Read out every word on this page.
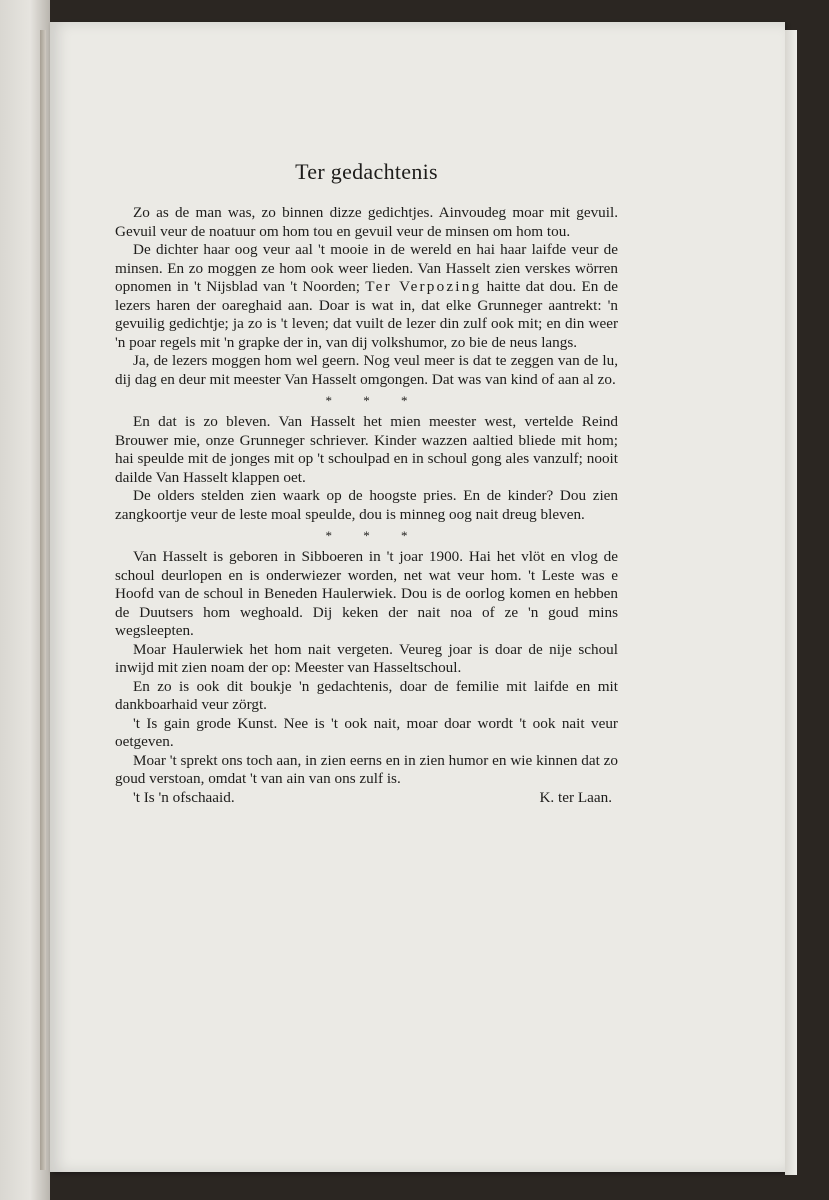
Ter gedachtenis

Zo as de man was, zo binnen dizze gedichtjes. Ainvoudeg moar mit gevuil. Gevuil veur de noatuur om hom tou en gevuil veur de minsen om hom tou.

De dichter haar oog veur aal 't mooie in de wereld en hai haar laifde veur de minsen. En zo moggen ze hom ook weer lieden. Van Hasselt zien verskes wörren opnomen in 't Nijsblad van 't Noorden; Ter Verpozing haitte dat dou. En de lezers haren der oareghaid aan. Doar is wat in, dat elke Grunneger aantrekt: 'n gevuilig gedichtje; ja zo is 't leven; dat vuilt de lezer din zulf ook mit; en din weer 'n poar regels mit 'n grapke der in, van dij volkshumor, zo bie de neus langs.

Ja, de lezers moggen hom wel geern. Nog veul meer is dat te zeggen van de lu, dij dag en deur mit meester Van Hasselt omgongen. Dat was van kind of aan al zo.

* * *

En dat is zo bleven. Van Hasselt het mien meester west, vertelde Reind Brouwer mie, onze Grunneger schriever. Kinder wazzen aaltied bliede mit hom; hai speulde mit de jonges mit op 't schoulpad en in schoul gong ales vanzulf; nooit dailde Van Hasselt klappen oet.

De olders stelden zien waark op de hoogste pries. En de kinder? Dou zien zangkoortje veur de leste moal speulde, dou is minneg oog nait dreug bleven.

* * *

Van Hasselt is geboren in Sibboeren in 't joar 1900. Hai het vlöt en vlog de schoul deurlopen en is onderwiezer worden, net wat veur hom. 't Leste was e Hoofd van de schoul in Beneden Haulerwiek. Dou is de oorlog komen en hebben de Duutsers hom weghoald. Dij keken der nait noa of ze 'n goud mins wegsleepten.

Moar Haulerwiek het hom nait vergeten. Veureg joar is doar de nije schoul inwijd mit zien noam der op: Meester van Hasseltschoul.

En zo is ook dit boukje 'n gedachtenis, doar de femilie mit laifde en mit dankboarhaid veur zörgt.

't Is gain grode Kunst. Nee is 't ook nait, moar doar wordt 't ook nait veur oetgeven.

Moar 't sprekt ons toch aan, in zien eerns en in zien humor en wie kinnen dat zo goud verstoan, omdat 't van ain van ons zulf is.

't Is 'n ofschaaid.	K. ter Laan.
